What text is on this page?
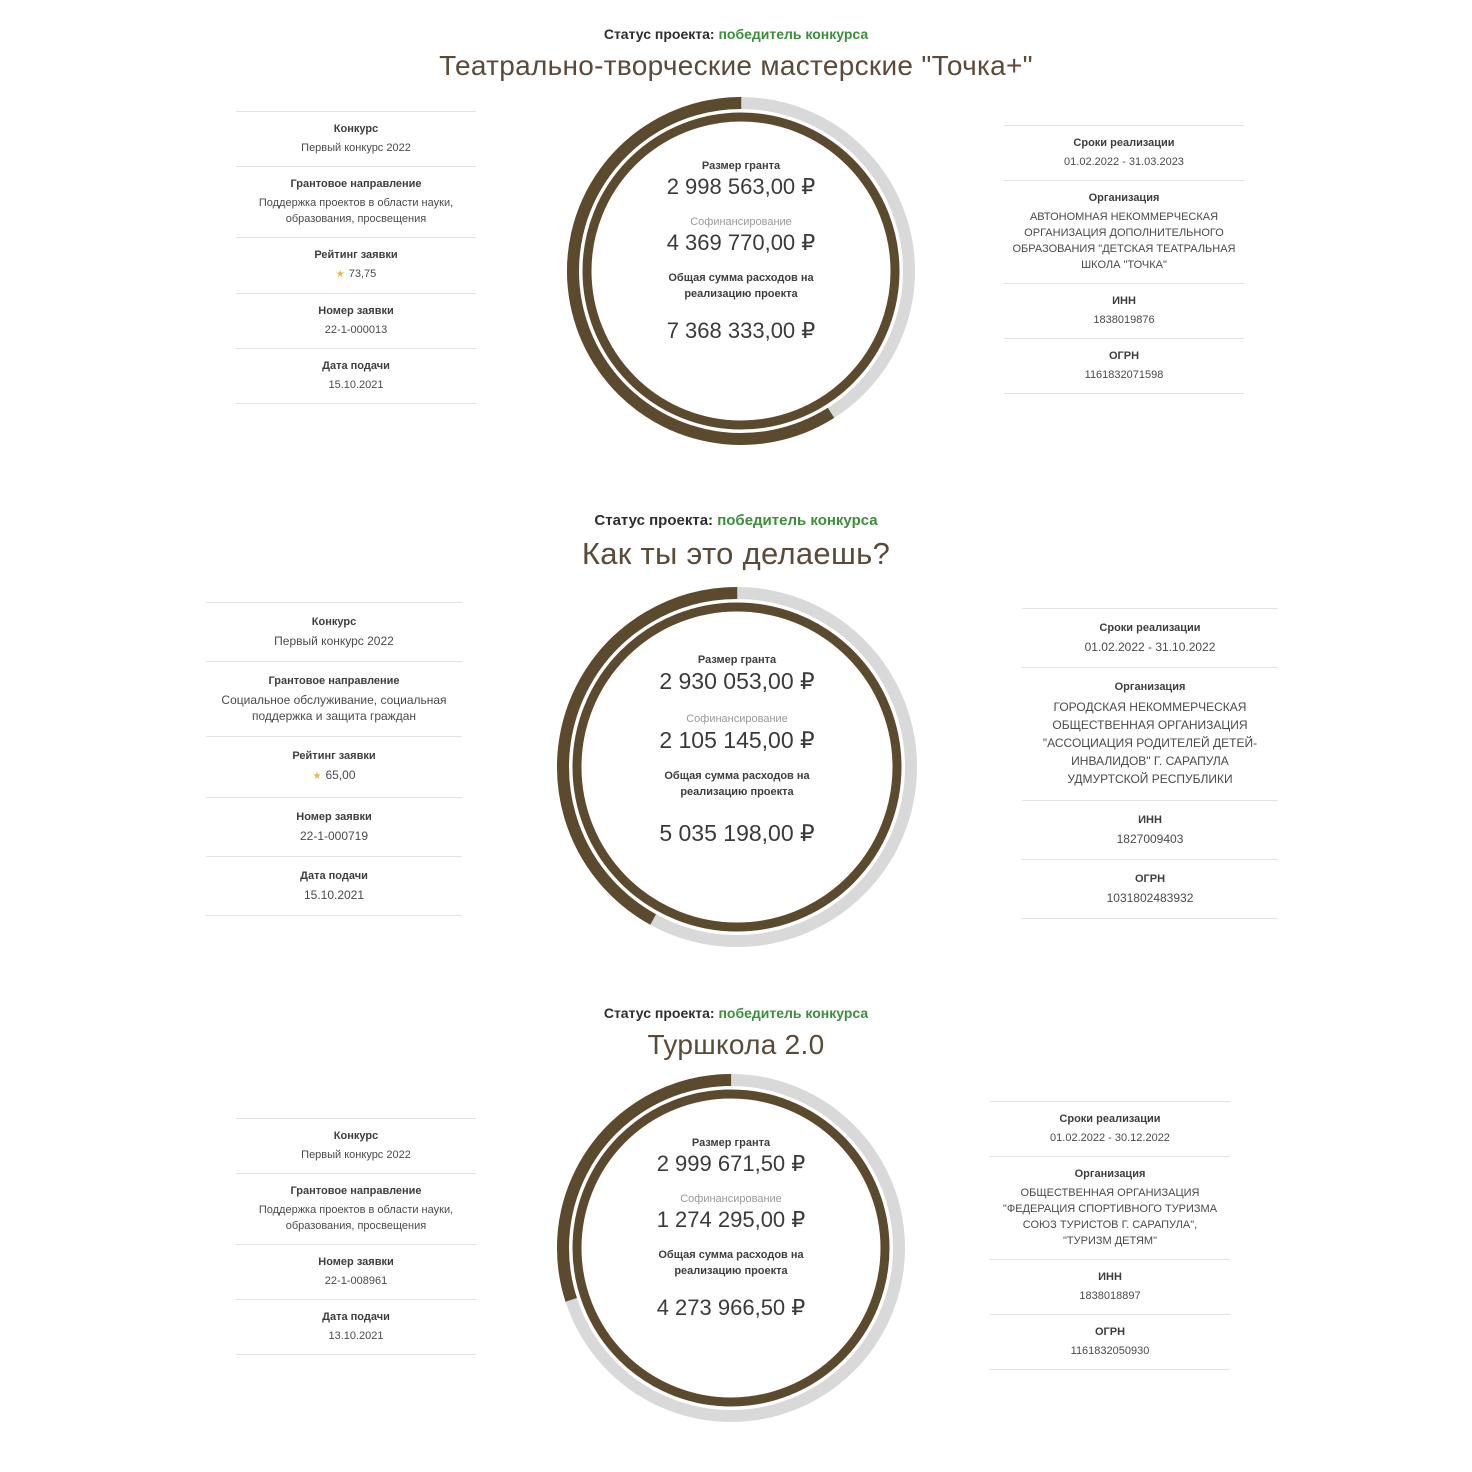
Статус проекта: победитель конкурса
Театрально-творческие мастерские "Точка+"
Конкурс
Первый конкурс 2022
Грантовое направление
Поддержка проектов в области науки, образования, просвещения
Рейтинг заявки
★ 73,75
Номер заявки
22-1-000013
Дата подачи
15.10.2021
Размер гранта
2 998 563,00 ₽
Софинансирование
4 369 770,00 ₽
Общая сумма расходов на реализацию проекта
7 368 333,00 ₽
Сроки реализации
01.02.2022 - 31.03.2023
Организация
АВТОНОМНАЯ НЕКОММЕРЧЕСКАЯ ОРГАНИЗАЦИЯ ДОПОЛНИТЕЛЬНОГО ОБРАЗОВАНИЯ "ДЕТСКАЯ ТЕАТРАЛЬНАЯ ШКОЛА "ТОЧКА"
ИНН
1838019876
ОГРН
1161832071598
Статус проекта: победитель конкурса
Как ты это делаешь?
Конкурс
Первый конкурс 2022
Грантовое направление
Социальное обслуживание, социальная поддержка и защита граждан
Рейтинг заявки
★ 65,00
Номер заявки
22-1-000719
Дата подачи
15.10.2021
Размер гранта
2 930 053,00 ₽
Софинансирование
2 105 145,00 ₽
Общая сумма расходов на реализацию проекта
5 035 198,00 ₽
Сроки реализации
01.02.2022 - 31.10.2022
Организация
ГОРОДСКАЯ НЕКОММЕРЧЕСКАЯ ОБЩЕСТВЕННАЯ ОРГАНИЗАЦИЯ "АССОЦИАЦИЯ РОДИТЕЛЕЙ ДЕТЕЙ-ИНВАЛИДОВ" Г. САРАПУЛА УДМУРТСКОЙ РЕСПУБЛИКИ
ИНН
1827009403
ОГРН
1031802483932
Статус проекта: победитель конкурса
Туршкола 2.0
Конкурс
Первый конкурс 2022
Грантовое направление
Поддержка проектов в области науки, образования, просвещения
Номер заявки
22-1-008961
Дата подачи
13.10.2021
Размер гранта
2 999 671,50 ₽
Софинансирование
1 274 295,00 ₽
Общая сумма расходов на реализацию проекта
4 273 966,50 ₽
Сроки реализации
01.02.2022 - 30.12.2022
Организация
ОБЩЕСТВЕННАЯ ОРГАНИЗАЦИЯ "ФЕДЕРАЦИЯ СПОРТИВНОГО ТУРИЗМА СОЮЗ ТУРИСТОВ Г. САРАПУЛА", "ТУРИЗМ ДЕТЯМ"
ИНН
1838018897
ОГРН
1161832050930
